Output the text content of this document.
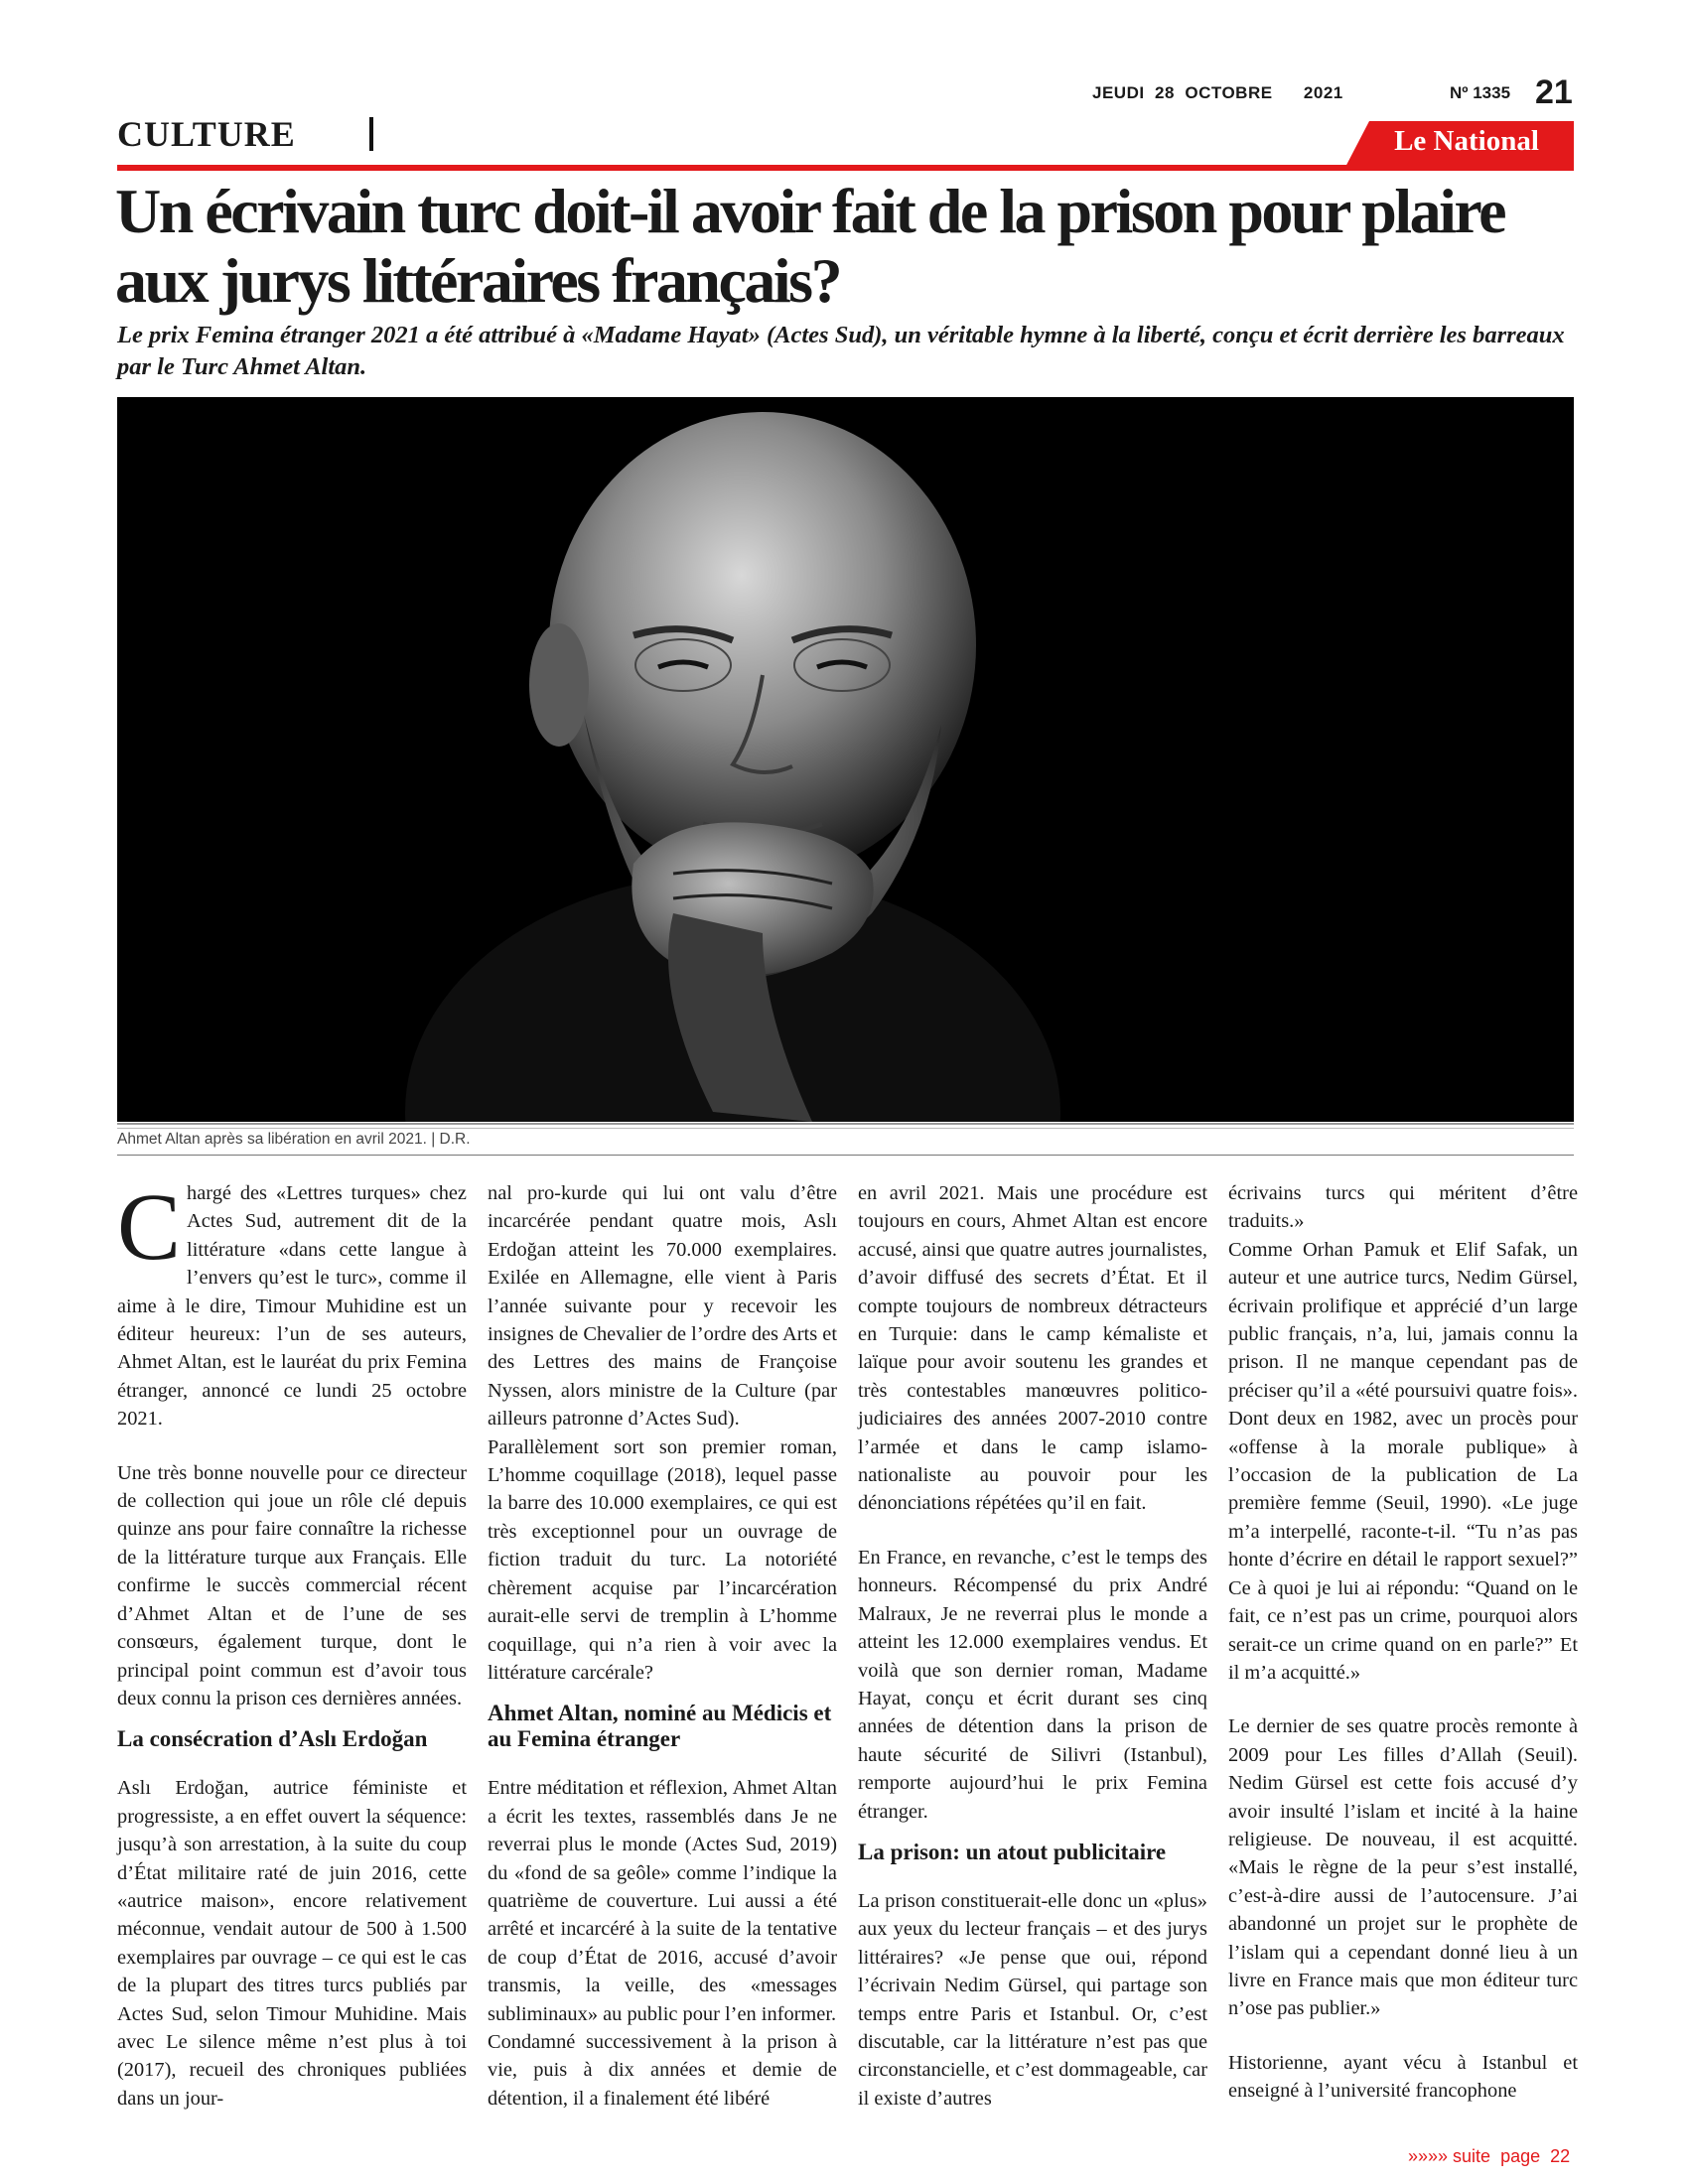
JEUDI  28  OCTOBRE      2021	Nº 1335 21
CULTURE	Le National
Un écrivain turc doit-il avoir fait de la prison pour plaire aux jurys littéraires français?

Le prix Femina étranger 2021 a été attribué à «Madame Hayat» (Actes Sud), un véritable hymne à la liberté, conçu et écrit derrière les barreaux par le Turc Ahmet Altan.

Ahmet Altan après sa libération en avril 2021. | D.R.

Chargé des «Lettres turques» chez Actes Sud, autrement dit de la littérature «dans cette langue à l’envers qu’est le turc», comme il aime à le dire, Timour Muhidine est un éditeur heureux: l’un de ses auteurs, Ahmet Altan, est le lauréat du prix Femina étranger, annoncé ce lundi 25 octobre 2021.

Une très bonne nouvelle pour ce directeur de collection qui joue un rôle clé depuis quinze ans pour faire connaître la richesse de la littérature turque aux Français. Elle confirme le succès commercial récent d’Ahmet Altan et de l’une de ses consœurs, également turque, dont le principal point commun est d’avoir tous deux connu la prison ces dernières années.

La consécration d’Aslı Erdoğan

Aslı Erdoğan, autrice féministe et progressiste, a en effet ouvert la séquence: jusqu’à son arrestation, à la suite du coup d’État militaire raté de juin 2016, cette «autrice maison», encore relativement méconnue, vendait autour de 500 à 1.500 exemplaires par ouvrage – ce qui est le cas de la plupart des titres turcs publiés par Actes Sud, selon Timour Muhidine. Mais avec Le silence même n’est plus à toi (2017), recueil des chroniques publiées dans un jour-

nal pro-kurde qui lui ont valu d’être incarcérée pendant quatre mois, Aslı Erdoğan atteint les 70.000 exemplaires. Exilée en Allemagne, elle vient à Paris l’année suivante pour y recevoir les insignes de Chevalier de l’ordre des Arts et des Lettres des mains de Françoise Nyssen, alors ministre de la Culture (par ailleurs patronne d’Actes Sud).

Parallèlement sort son premier roman, L’homme coquillage (2018), lequel passe la barre des 10.000 exemplaires, ce qui est très exceptionnel pour un ouvrage de fiction traduit du turc. La notoriété chèrement acquise par l’incarcération aurait-elle servi de tremplin à L’homme coquillage, qui n’a rien à voir avec la littérature carcérale?

Ahmet Altan, nominé au Médicis et au Femina étranger

Entre méditation et réflexion, Ahmet Altan a écrit les textes, rassemblés dans Je ne reverrai plus le monde (Actes Sud, 2019) du «fond de sa geôle» comme l’indique la quatrième de couverture. Lui aussi a été arrêté et incarcéré à la suite de la tentative de coup d’État de 2016, accusé d’avoir transmis, la veille, des «messages subliminaux» au public pour l’en informer.

Condamné successivement à la prison à vie, puis à dix années et demie de détention, il a finalement été libéré

en avril 2021. Mais une procédure est toujours en cours, Ahmet Altan est encore accusé, ainsi que quatre autres journalistes, d’avoir diffusé des secrets d’État. Et il compte toujours de nombreux détracteurs en Turquie: dans le camp kémaliste et laïque pour avoir soutenu les grandes et très contestables manœuvres politico-judiciaires des années 2007-2010 contre l’armée et dans le camp islamo-nationaliste au pouvoir pour les dénonciations répétées qu’il en fait.

En France, en revanche, c’est le temps des honneurs. Récompensé du prix André Malraux, Je ne reverrai plus le monde a atteint les 12.000 exemplaires vendus. Et voilà que son dernier roman, Madame Hayat, conçu et écrit durant ses cinq années de détention dans la prison de haute sécurité de Silivri (Istanbul), remporte aujourd’hui le prix Femina étranger.

La prison: un atout publicitaire

La prison constituerait-elle donc un «plus» aux yeux du lecteur français – et des jurys littéraires? «Je pense que oui, répond l’écrivain Nedim Gürsel, qui partage son temps entre Paris et Istanbul. Or, c’est discutable, car la littérature n’est pas que circonstancielle, et c’est dommageable, car il existe d’autres

écrivains turcs qui méritent d’être traduits.»

Comme Orhan Pamuk et Elif Safak, un auteur et une autrice turcs, Nedim Gürsel, écrivain prolifique et apprécié d’un large public français, n’a, lui, jamais connu la prison. Il ne manque cependant pas de préciser qu’il a «été poursuivi quatre fois». Dont deux en 1982, avec un procès pour «offense à la morale publique» à l’occasion de la publication de La première femme (Seuil, 1990). «Le juge m’a interpellé, raconte-t-il. “Tu n’as pas honte d’écrire en détail le rapport sexuel?” Ce à quoi je lui ai répondu: “Quand on le fait, ce n’est pas un crime, pourquoi alors serait-ce un crime quand on en parle?” Et il m’a acquitté.»

Le dernier de ses quatre procès remonte à 2009 pour Les filles d’Allah (Seuil). Nedim Gürsel est cette fois accusé d’y avoir insulté l’islam et incité à la haine religieuse. De nouveau, il est acquitté. «Mais le règne de la peur s’est installé, c’est-à-dire aussi de l’autocensure. J’ai abandonné un projet sur le prophète de l’islam qui a cependant donné lieu à un livre en France mais que mon éditeur turc n’ose pas publier.»

Historienne, ayant vécu à Istanbul et enseigné à l’université francophone

»»»» suite  page  22
